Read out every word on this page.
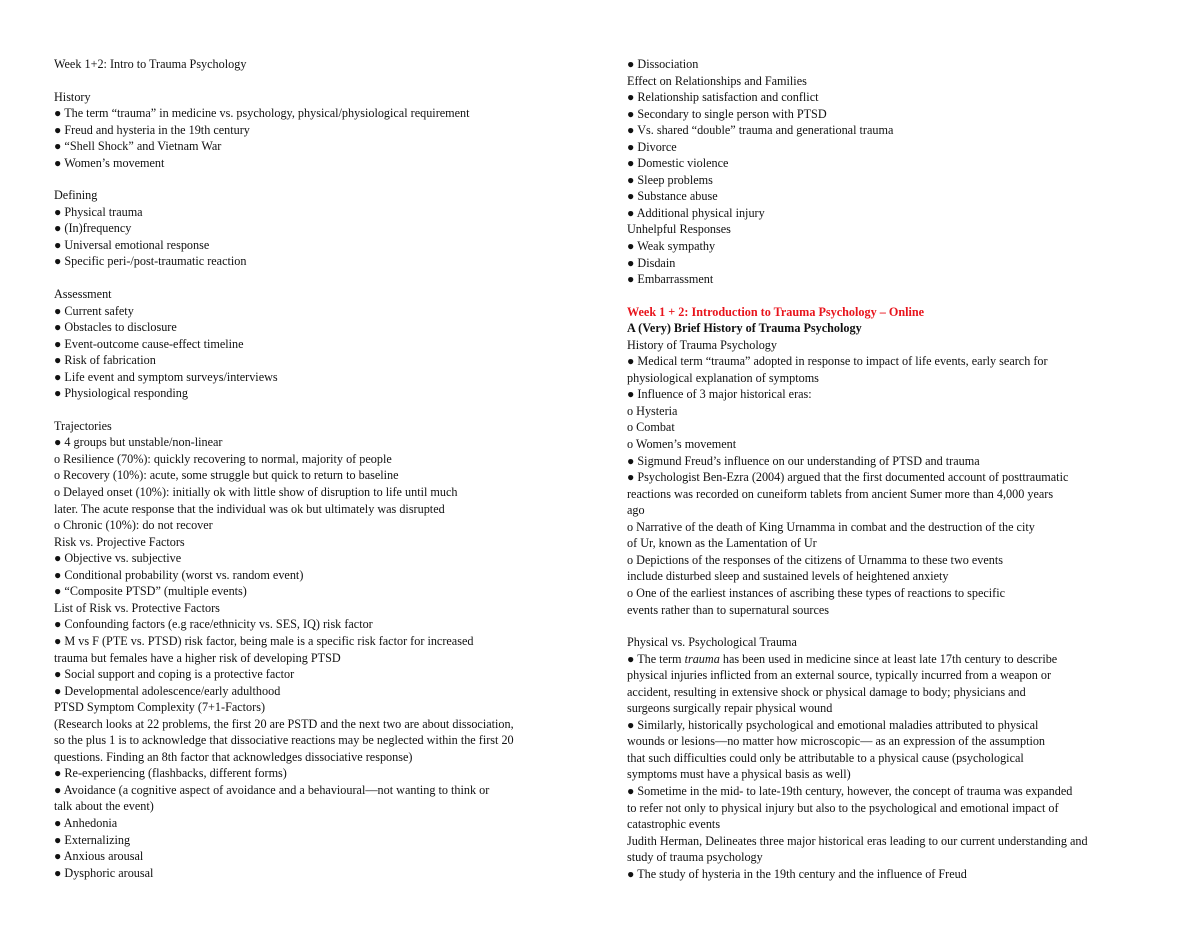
Week 1+2: Intro to Trauma Psychology
History
● The term “trauma” in medicine vs. psychology, physical/physiological requirement
● Freud and hysteria in the 19th century
● “Shell Shock” and Vietnam War
● Women’s movement
Defining
● Physical trauma
● (In)frequency
● Universal emotional response
● Specific peri-/post-traumatic reaction
Assessment
● Current safety
● Obstacles to disclosure
● Event-outcome cause-effect timeline
● Risk of fabrication
● Life event and symptom surveys/interviews
● Physiological responding
Trajectories
● 4 groups but unstable/non-linear
o Resilience (70%): quickly recovering to normal, majority of people
o Recovery (10%): acute, some struggle but quick to return to baseline
o Delayed onset (10%): initially ok with little show of disruption to life until much
later. The acute response that the individual was ok but ultimately was disrupted
o Chronic (10%): do not recover
Risk vs. Projective Factors
● Objective vs. subjective
● Conditional probability (worst vs. random event)
● “Composite PTSD” (multiple events)
List of Risk vs. Protective Factors
● Confounding factors (e.g race/ethnicity vs. SES, IQ) risk factor
● M vs F (PTE vs. PTSD) risk factor, being male is a specific risk factor for increased
trauma but females have a higher risk of developing PTSD
● Social support and coping is a protective factor
● Developmental adolescence/early adulthood
PTSD Symptom Complexity (7+1-Factors)
(Research looks at 22 problems, the first 20 are PSTD and the next two are about dissociation,
so the plus 1 is to acknowledge that dissociative reactions may be neglected within the first 20
questions. Finding an 8th factor that acknowledges dissociative response)
● Re-experiencing (flashbacks, different forms)
● Avoidance (a cognitive aspect of avoidance and a behavioural—not wanting to think or
talk about the event)
● Anhedonia
● Externalizing
● Anxious arousal
● Dysphoric arousal
● Dissociation
Effect on Relationships and Families
● Relationship satisfaction and conflict
● Secondary to single person with PTSD
● Vs. shared “double” trauma and generational trauma
● Divorce
● Domestic violence
● Sleep problems
● Substance abuse
● Additional physical injury
Unhelpful Responses
● Weak sympathy
● Disdain
● Embarrassment
Week 1 + 2: Introduction to Trauma Psychology – Online
A (Very) Brief History of Trauma Psychology
History of Trauma Psychology
● Medical term “trauma” adopted in response to impact of life events, early search for
physiological explanation of symptoms
● Influence of 3 major historical eras:
o Hysteria
o Combat
o Women’s movement
● Sigmund Freud’s influence on our understanding of PTSD and trauma
● Psychologist Ben-Ezra (2004) argued that the first documented account of posttraumatic
reactions was recorded on cuneiform tablets from ancient Sumer more than 4,000 years
ago
o Narrative of the death of King Urnamma in combat and the destruction of the city
of Ur, known as the Lamentation of Ur
o Depictions of the responses of the citizens of Urnamma to these two events
include disturbed sleep and sustained levels of heightened anxiety
o One of the earliest instances of ascribing these types of reactions to specific
events rather than to supernatural sources
Physical vs. Psychological Trauma
● The term trauma has been used in medicine since at least late 17th century to describe
physical injuries inflicted from an external source, typically incurred from a weapon or
accident, resulting in extensive shock or physical damage to body; physicians and
surgeons surgically repair physical wound
● Similarly, historically psychological and emotional maladies attributed to physical
wounds or lesions—no matter how microscopic— as an expression of the assumption
that such difficulties could only be attributable to a physical cause (psychological
symptoms must have a physical basis as well)
● Sometime in the mid- to late-19th century, however, the concept of trauma was expanded
to refer not only to physical injury but also to the psychological and emotional impact of
catastrophic events
Judith Herman, Delineates three major historical eras leading to our current understanding and
study of trauma psychology
● The study of hysteria in the 19th century and the influence of Freud
